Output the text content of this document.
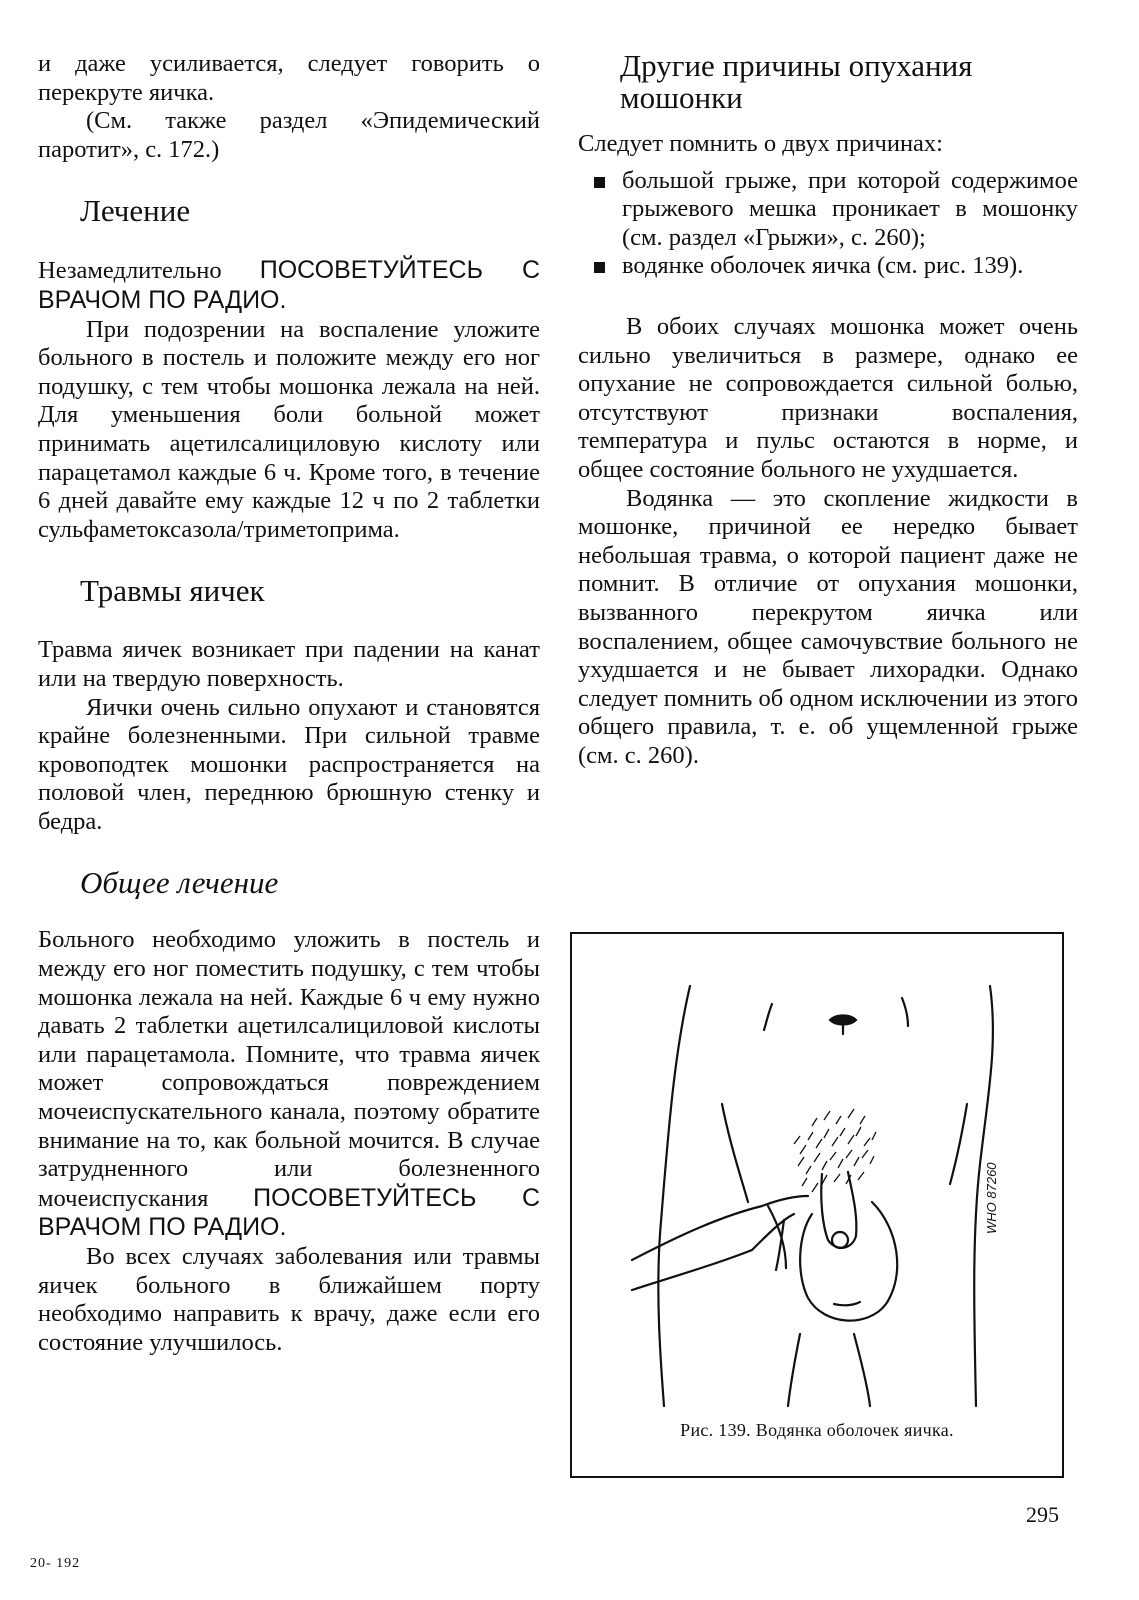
и даже усиливается, следует говорить о перекруте яичка.

(См. также раздел «Эпидемический паротит», с. 172.)

Лечение

Незамедлительно ПОСОВЕТУЙТЕСЬ С ВРАЧОМ ПО РАДИО.

При подозрении на воспаление уложите больного в постель и положите между его ног подушку, с тем чтобы мошонка лежала на ней. Для уменьшения боли больной может принимать ацетилсалициловую кислоту или парацетамол каждые 6 ч. Кроме того, в течение 6 дней давайте ему каждые 12 ч по 2 таблетки сульфаметоксазола/триметоприма.

Травмы яичек

Травма яичек возникает при падении на канат или на твердую поверхность.

Яички очень сильно опухают и становятся крайне болезненными. При сильной травме кровоподтек мошонки распространяется на половой член, переднюю брюшную стенку и бедра.

Общее лечение

Больного необходимо уложить в постель и между его ног поместить подушку, с тем чтобы мошонка лежала на ней. Каждые 6 ч ему нужно давать 2 таблетки ацетилсалициловой кислоты или парацетамола. Помните, что травма яичек может сопровождаться повреждением мочеиспускательного канала, поэтому обратите внимание на то, как больной мочится. В случае затрудненного или болезненного мочеиспускания ПОСОВЕТУЙТЕСЬ С ВРАЧОМ ПО РАДИО.

Во всех случаях заболевания или травмы яичек больного в ближайшем порту необходимо направить к врачу, даже если его состояние улучшилось.

Другие причины опухания мошонки

Следует помнить о двух причинах:

большой грыже, при которой содержимое грыжевого мешка проникает в мошонку (см. раздел «Грыжи», с. 260);
водянке оболочек яичка (см. рис. 139).

В обоих случаях мошонка может очень сильно увеличиться в размере, однако ее опухание не сопровождается сильной болью, отсутствуют признаки воспаления, температура и пульс остаются в норме, и общее состояние больного не ухудшается.

Водянка — это скопление жидкости в мошонке, причиной ее нередко бывает небольшая травма, о которой пациент даже не помнит. В отличие от опухания мошонки, вызванного перекрутом яичка или воспалением, общее самочувствие больного не ухудшается и не бывает лихорадки. Однако следует помнить об одном исключении из этого общего правила, т. е. об ущемленной грыже (см. с. 260).

WHO 87260
Рис. 139. Водянка оболочек яичка.
295
20- 192
